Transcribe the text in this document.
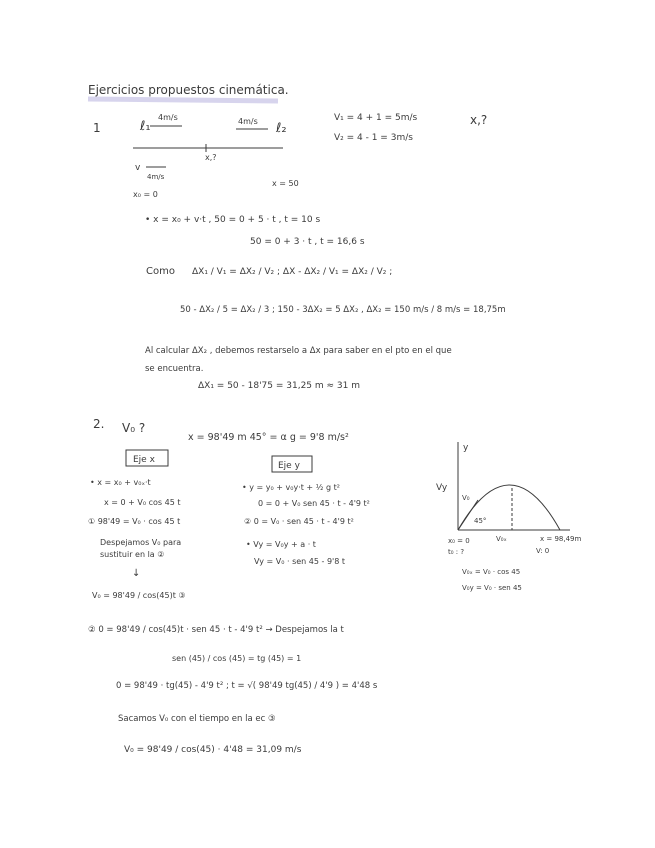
Ejercicios propuestos cinemática.
1	ℓ₁	ℓ₂
4m/s	4m/s
x,?
v
4m/s
x₀ = 0
x = 50
V₁ = 4 + 1 = 5m/s
V₂ = 4 - 1 = 3m/s
x,?
• x = x₀ + v·t , 50 = 0 + 5 · t , t = 10 s
50 = 0 + 3 · t , t = 16,6 s
Como ΔX₁ / V₁ = ΔX₂ / V₂ ; ΔX - ΔX₂ / V₁ = ΔX₂ / V₂ ;
50 - ΔX₂ / 5 = ΔX₂ / 3 ; 150 - 3ΔX₂ = 5 ΔX₂ , ΔX₂ = 150 m/s / 8 m/s = 18,75m
Al calcular ΔX₂ , debemos restarselo a Δx para saber en el pto en el que
se encuentra.
ΔX₁ = 50 - 18'75 = 31,25 m ≈ 31 m
2. V₀ ?
x = 98'49 m 45° = α g = 9'8 m/s²
Eje x
Eje y
• x = x₀ + v₀ₓ·t
x = 0 + V₀ cos 45 t
① 98'49 = V₀ · cos 45 t
Despejamos V₀ para
sustituir en la ②
↓
V₀ = 98'49 / cos(45)t ③
• y = y₀ + v₀y·t + ½ g t²
0 = 0 + V₀ sen 45 · t - 4'9 t²
② 0 = V₀ · sen 45 · t - 4'9 t²
• Vy = V₀y + a · t
Vy = V₀ · sen 45 - 9'8 t
y
Vy
V₀
45°
V₀ₓ	x = 98,49m
x₀ = 0
t₀ : ?	V: 0
V₀ₓ = V₀ · cos 45
V₀y = V₀ · sen 45
② 0 = 98'49 / cos(45)t · sen 45 · t - 4'9 t² → Despejamos la t
sen (45) / cos (45) = tg (45) = 1
0 = 98'49 · tg(45) - 4'9 t² ; t = √( 98'49 tg(45) / 4'9 ) = 4'48 s
Sacamos V₀ con el tiempo en la ec ③
V₀ = 98'49 / cos(45) · 4'48 = 31,09 m/s
